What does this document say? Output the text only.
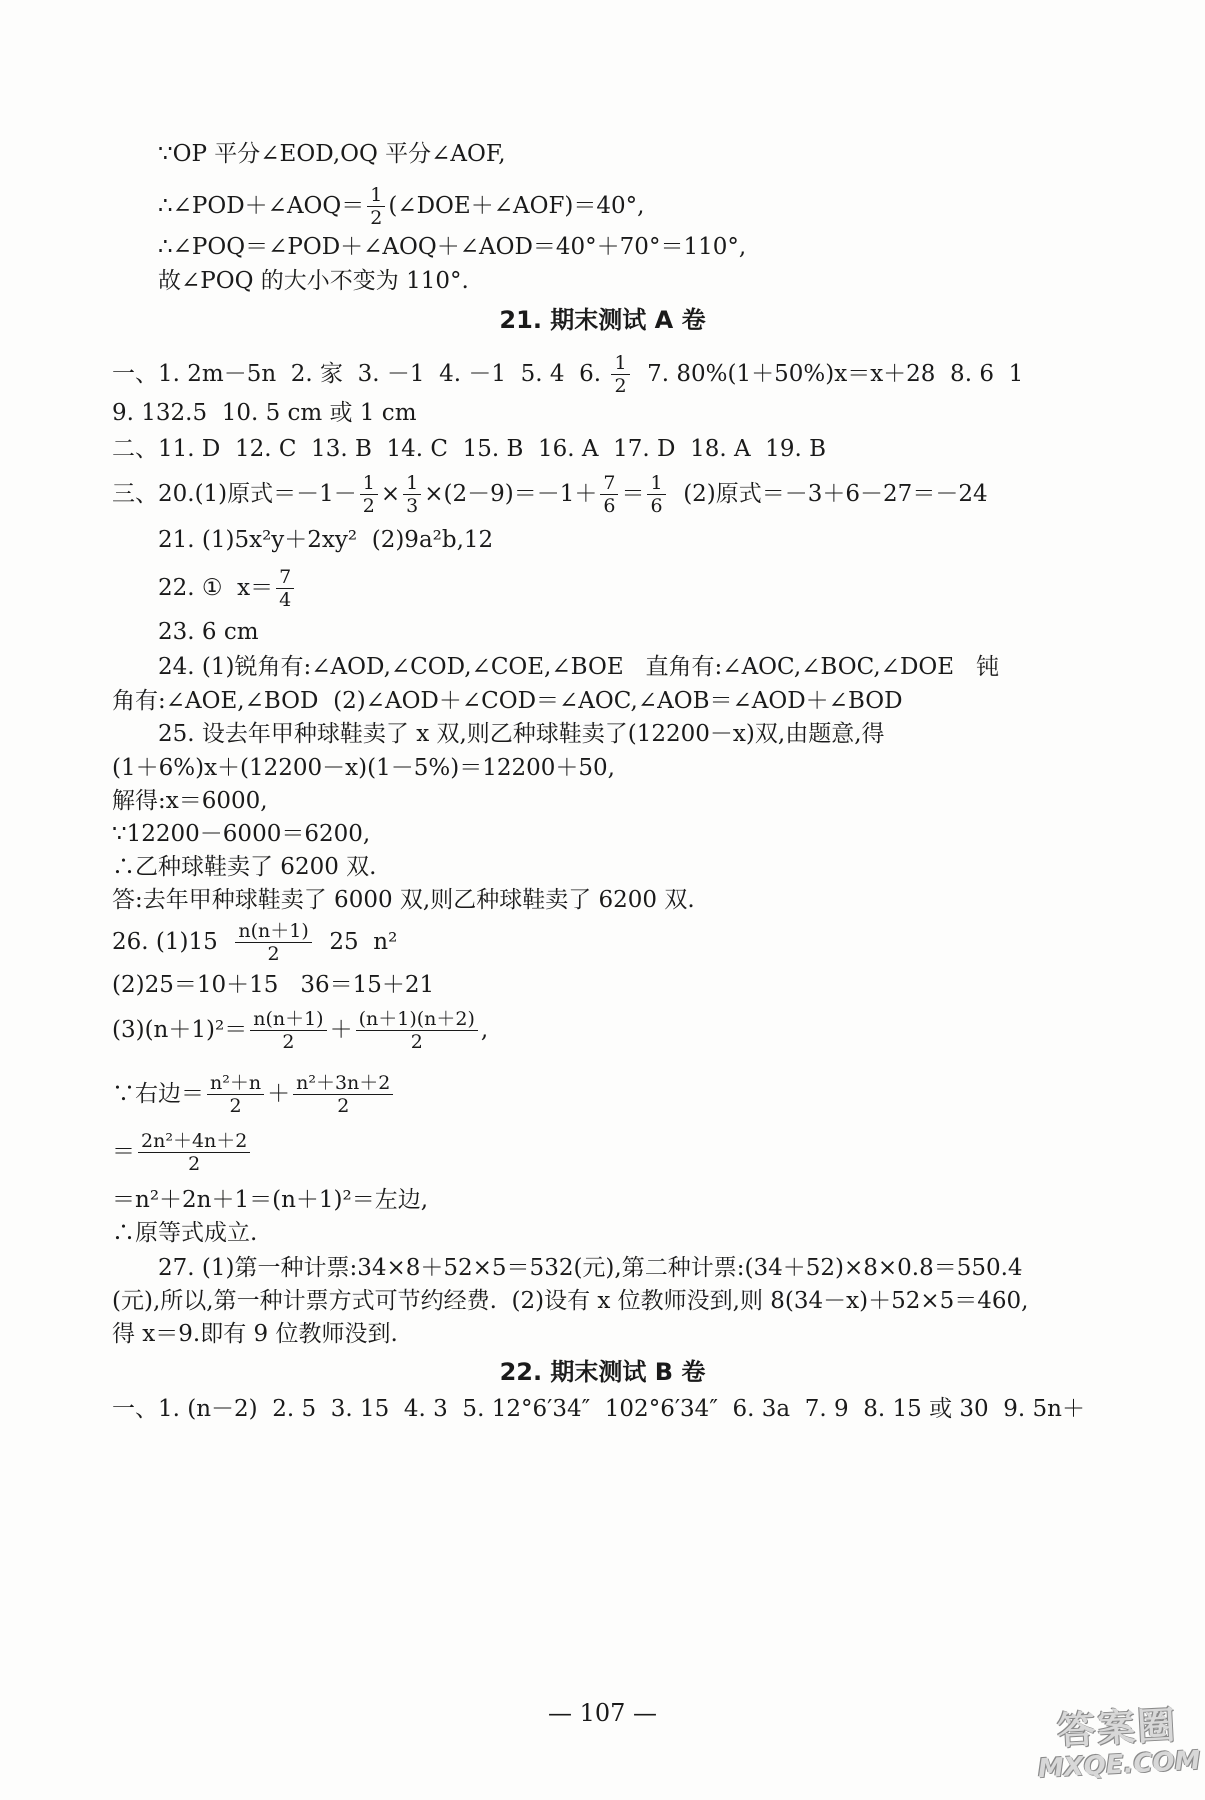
∵OP 平分∠EOD,OQ 平分∠AOF,
∴∠POD＋∠AOQ＝ $\frac{1}{2}$ (∠DOE＋∠AOF)＝40°,
∴∠POQ＝∠POD＋∠AOQ＋∠AOD＝40°＋70°＝110°,
故∠POQ 的大小不变为 110°.
21. 期末测试 A 卷
一、1. 2m－5n  2. 家  3. －1  4. －1  5. 4  6. $\frac{1}{2} 7$. 80%(1＋50%)x＝x＋28  8. 6  1
9. 132.5  10. 5 cm 或 1 cm
二、11. D  12. C  13. B  14. C  15. B  16. A  17. D  18. A  19. B
三、20.(1)原式$=-1- \frac{1}{2} \times \frac{1}{3} \times(2-9)=-1+ \frac{7}{6} = \frac{1}{6} (2)$原式＝－3＋6－27＝－24
21. (1)5x²y＋2xy²  (2)9a²b,12
22. ①  $x= \frac{7}{4}$
23. 6 cm
24. (1)锐角有:∠AOD,∠COD,∠COE,∠BOE   直角有:∠AOC,∠BOC,∠DOE   钝
角有:∠AOE,∠BOD  (2)∠AOD＋∠COD＝∠AOC,∠AOB＝∠AOD＋∠BOD
25. 设去年甲种球鞋卖了 x 双,则乙种球鞋卖了(12200－x)双,由题意,得
(1＋6%)x＋(12200－x)(1－5%)＝12200＋50,
解得:x＝6000,
∵12200－6000＝6200,
∴乙种球鞋卖了 6200 双.
答:去年甲种球鞋卖了 6000 双,则乙种球鞋卖了 6200 双.
26. $(1)15 \frac{n(n+1)}{2} 25$  n²
(2)25＝10＋15   36＝15＋21
$(3)(n+1)^2= \frac{n(n+1)}{2} + \frac{(n+1)(n+2)}{2}$ ,
∵右边＝ $\frac{\text{n²＋n}}{2} + \frac{\text{n²＋3n＋2}}{2}$
＝ $\frac{\text{2n²＋4n＋2}}{2}$
＝n²＋2n＋1＝(n＋1)²＝左边,
∴原等式成立.
27. (1)第一种计票:34×8＋52×5＝532(元),第二种计票:(34＋52)×8×0.8＝550.4
(元),所以,第一种计票方式可节约经费.  (2)设有 x 位教师没到,则 8(34－x)＋52×5＝460,
得 x＝9.即有 9 位教师没到.
22. 期末测试 B 卷
一、1. (n－2)  2. 5  3. 15  4. 3  5. 12°6′34″  102°6′34″  6. 3a  7. 9  8. 15 或 30  9. 5n＋
— 107 —	答案圈
MXQE.COM
